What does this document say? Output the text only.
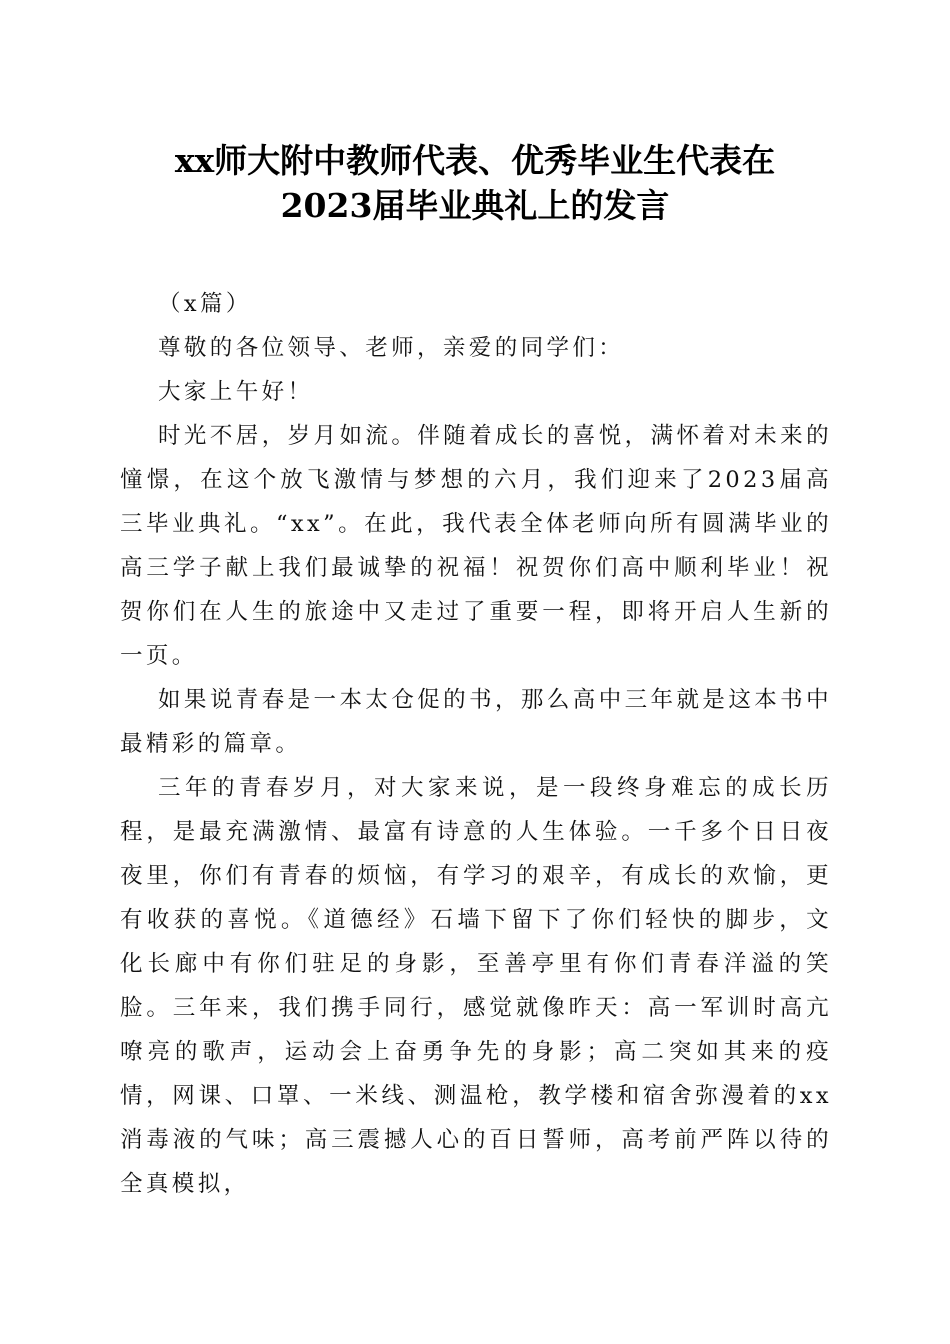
xx师大附中教师代表、优秀毕业生代表在
2023届毕业典礼上的发言

（x篇）

尊敬的各位领导、老师，亲爱的同学们：

大家上午好！

时光不居，岁月如流。伴随着成长的喜悦，满怀着对未来的憧憬，在这个放飞激情与梦想的六月，我们迎来了2023届高三毕业典礼。“xx”。在此，我代表全体老师向所有圆满毕业的高三学子献上我们最诚挚的祝福！祝贺你们高中顺利毕业！祝贺你们在人生的旅途中又走过了重要一程，即将开启人生新的一页。

如果说青春是一本太仓促的书，那么高中三年就是这本书中最精彩的篇章。

三年的青春岁月，对大家来说，是一段终身难忘的成长历程，是最充满激情、最富有诗意的人生体验。一千多个日日夜夜里，你们有青春的烦恼，有学习的艰辛，有成长的欢愉，更有收获的喜悦。《道德经》石墙下留下了你们轻快的脚步，文化长廊中有你们驻足的身影，至善亭里有你们青春洋溢的笑脸。三年来，我们携手同行，感觉就像昨天：高一军训时高亢嘹亮的歌声，运动会上奋勇争先的身影；高二突如其来的疫情，网课、口罩、一米线、测温枪，教学楼和宿舍弥漫着的xx消毒液的气味；高三震撼人心的百日誓师，高考前严阵以待的全真模拟，
